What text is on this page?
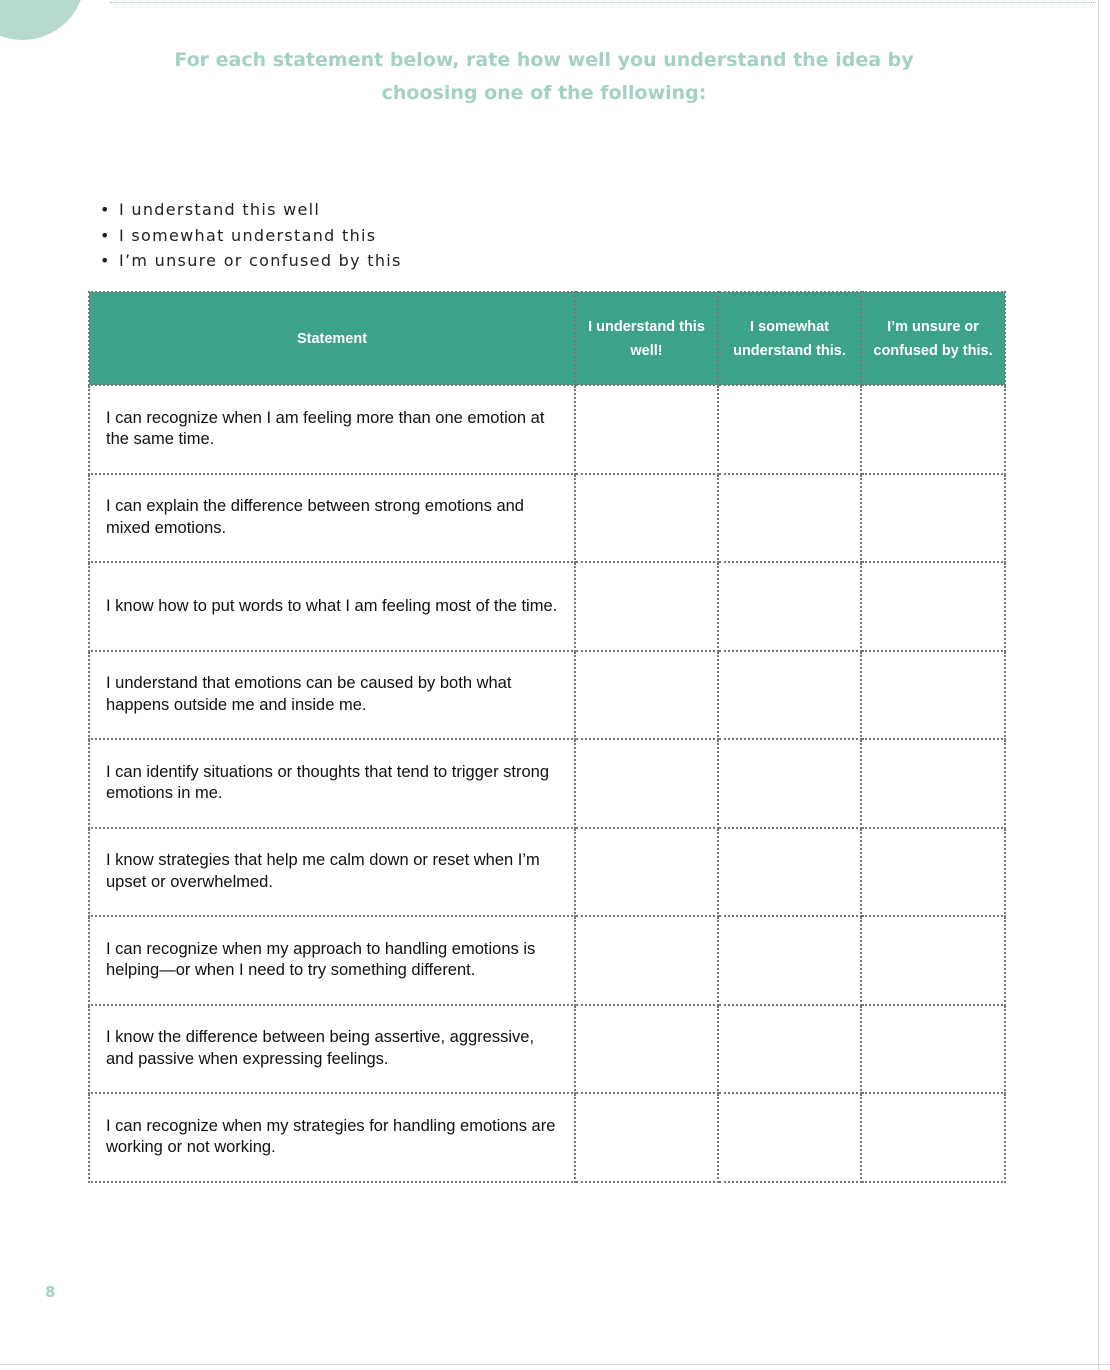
For each statement below, rate how well you understand the idea by
choosing one of the following:
• I understand this well
• I somewhat understand this
• I’m unsure or confused by this
Statement	I understand this well!	I somewhat understand this.	I’m unsure or confused by this.
I can recognize when I am feeling more than one emotion at the same time.			
I can explain the difference between strong emotions and mixed emotions.			
I know how to put words to what I am feeling most of the time.			
I understand that emotions can be caused by both what happens outside me and inside me.			
I can identify situations or thoughts that tend to trigger strong emotions in me.			
I know strategies that help me calm down or reset when I’m upset or overwhelmed.			
I can recognize when my approach to handling emotions is helping—or when I need to try something different.			
I know the difference between being assertive, aggressive, and passive when expressing feelings.			
I can recognize when my strategies for handling emotions are working or not working.			
8
